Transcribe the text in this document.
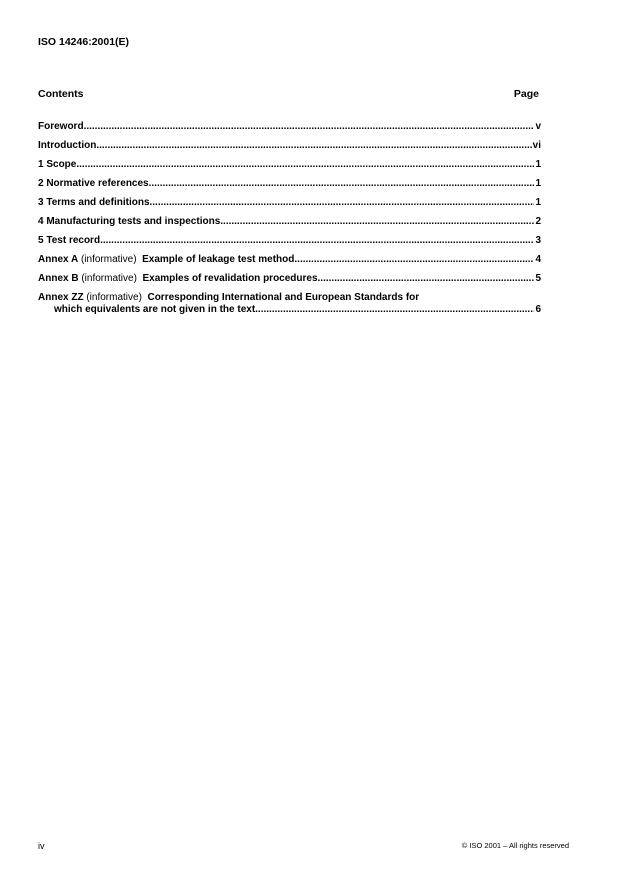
ISO 14246:2001(E)
Contents	Page
Foreword .....	v
Introduction .....	vi
1 Scope .....	1
2 Normative references .....	1
3 Terms and definitions .....	1
4 Manufacturing tests and inspections .....	2
5 Test record .....	3
Annex A (informative) Example of leakage test method .....	4
Annex B (informative) Examples of revalidation procedures .....	5
Annex ZZ (informative) Corresponding International and European Standards for
which equivalents are not given in the text .....	6
iv	© ISO 2001 – All rights reserved
